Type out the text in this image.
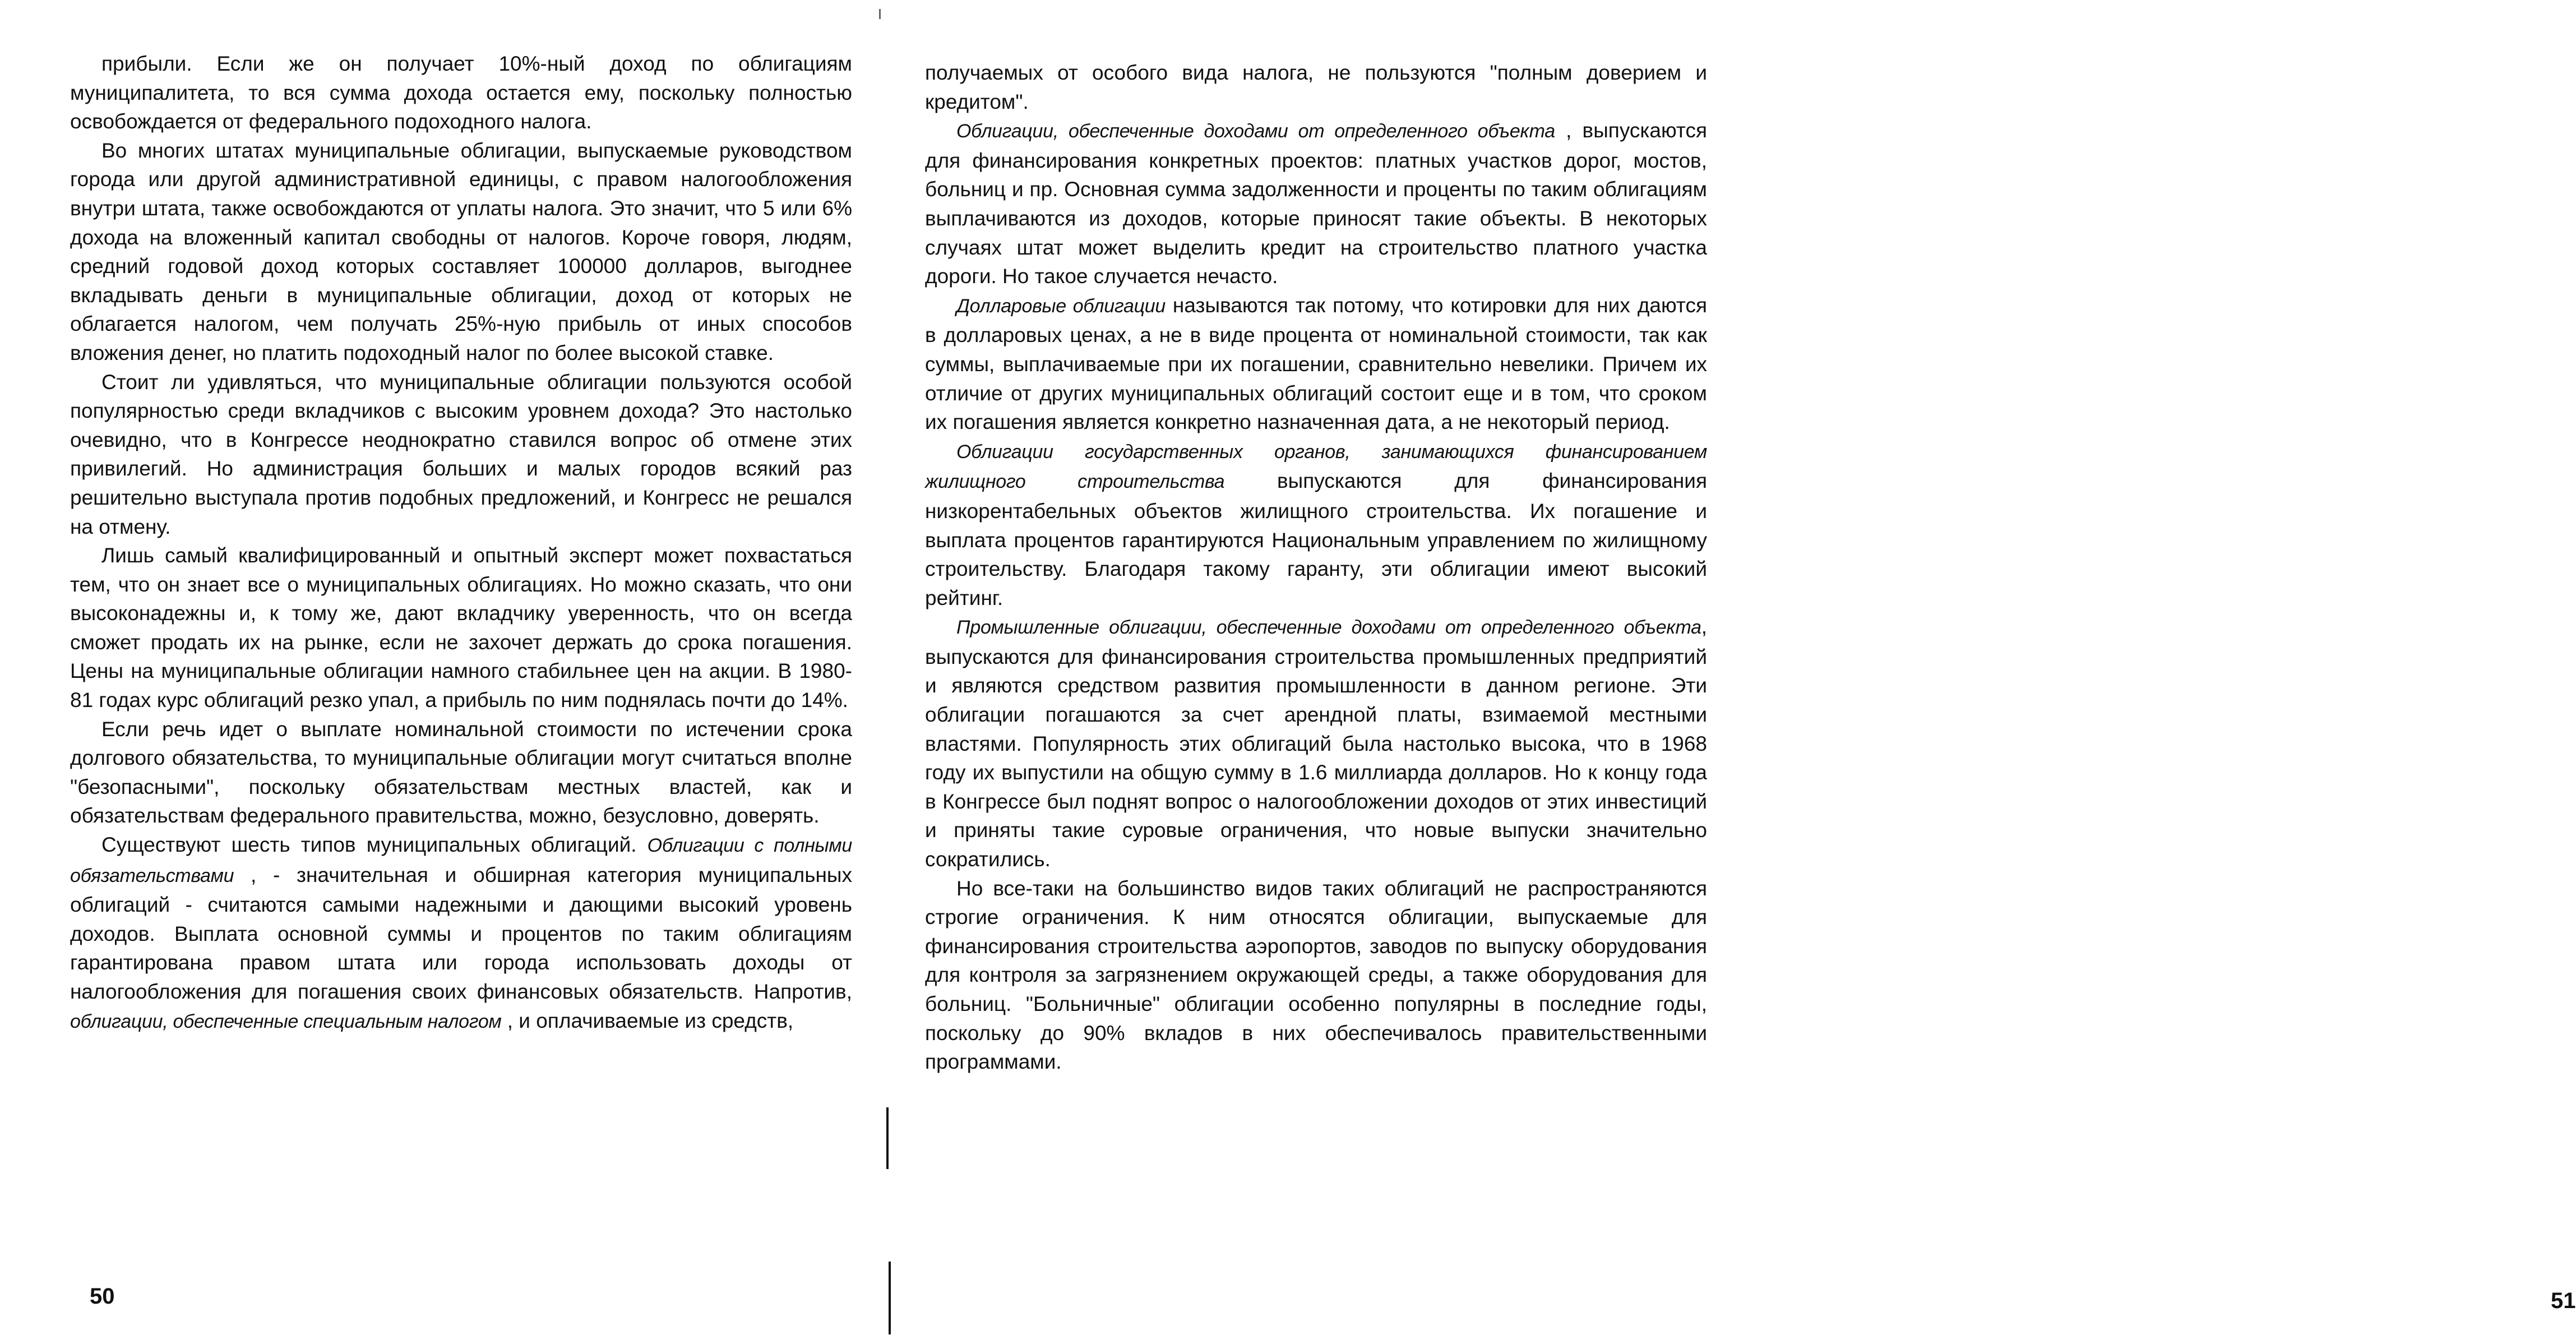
прибыли. Если же он получает 10%-ный доход по облигациям муниципалитета, то вся сумма дохода остается ему, поскольку полностью освобождается от федерального подоходного налога.

Во многих штатах муниципальные облигации, выпускаемые руководством города или другой административной единицы, с правом налогообложения внутри штата, также освобождаются от уплаты налога. Это значит, что 5 или 6% дохода на вложенный капитал свободны от налогов. Короче говоря, людям, средний годовой доход которых составляет 100000 долларов, выгоднее вкладывать деньги в муниципальные облигации, доход от которых не облагается налогом, чем получать 25%-ную прибыль от иных способов вложения денег, но платить подоходный налог по более высокой ставке.

Стоит ли удивляться, что муниципальные облигации пользуются особой популярностью среди вкладчиков с высоким уровнем дохода? Это настолько очевидно, что в Конгрессе неоднократно ставился вопрос об отмене этих привилегий. Но администрация больших и малых городов всякий раз решительно выступала против подобных предложений, и Конгресс не решался на отмену.

Лишь самый квалифицированный и опытный эксперт может похвастаться тем, что он знает все о муниципальных облигациях. Но можно сказать, что они высоконадежны и, к тому же, дают вкладчику уверенность, что он всегда сможет продать их на рынке, если не захочет держать до срока погашения. Цены на муниципальные облигации намного стабильнее цен на акции. В 1980-81 годах курс облигаций резко упал, а прибыль по ним поднялась почти до 14%.

Если речь идет о выплате номинальной стоимости по истечении срока долгового обязательства, то муниципальные облигации могут считаться вполне "безопасными", поскольку обязательствам местных властей, как и обязательствам федерального правительства, можно, безусловно, доверять.

Существуют шесть типов муниципальных облигаций. Облигации с полными обязательствами , - значительная и обширная категория муниципальных облигаций - считаются самыми надежными и дающими высокий уровень доходов. Выплата основной суммы и процентов по таким облигациям гарантирована правом штата или города использовать доходы от налогообложения для погашения своих финансовых обязательств. Напротив, облигации, обеспеченные специальным налогом , и оплачиваемые из средств,

50

получаемых от особого вида налога, не пользуются "полным доверием и кредитом".

Облигации, обеспеченные доходами от определенного объекта , выпускаются для финансирования конкретных проектов: платных участков дорог, мостов, больниц и пр. Основная сумма задолженности и проценты по таким облигациям выплачиваются из доходов, которые приносят такие объекты. В некоторых случаях штат может выделить кредит на строительство платного участка дороги. Но такое случается нечасто.

Долларовые облигации называются так потому, что котировки для них даются в долларовых ценах, а не в виде процента от номинальной стоимости, так как суммы, выплачиваемые при их погашении, сравнительно невелики. Причем их отличие от других муниципальных облигаций состоит еще и в том, что сроком их погашения является конкретно назначенная дата, а не некоторый период.

Облигации государственных органов, занимающихся финансированием жилищного строительства выпускаются для финансирования низкорентабельных объектов жилищного строительства. Их погашение и выплата процентов гарантируются Национальным управлением по жилищному строительству. Благодаря такому гаранту, эти облигации имеют высокий рейтинг.

Промышленные облигации, обеспеченные доходами от определенного объекта, выпускаются для финансирования строительства промышленных предприятий и являются средством развития промышленности в данном регионе. Эти облигации погашаются за счет арендной платы, взимаемой местными властями. Популярность этих облигаций была настолько высока, что в 1968 году их выпустили на общую сумму в 1.6 миллиарда долларов. Но к концу года в Конгрессе был поднят вопрос о налогообложении доходов от этих инвестиций и приняты такие суровые ограничения, что новые выпуски значительно сократились.

Но все-таки на большинство видов таких облигаций не распространяются строгие ограничения. К ним относятся облигации, выпускаемые для финансирования строительства аэропортов, заводов по выпуску оборудования для контроля за загрязнением окружающей среды, а также оборудования для больниц. "Больничные" облигации особенно популярны в последние годы, поскольку до 90% вкладов в них обеспечивалось правительственными программами.

51
